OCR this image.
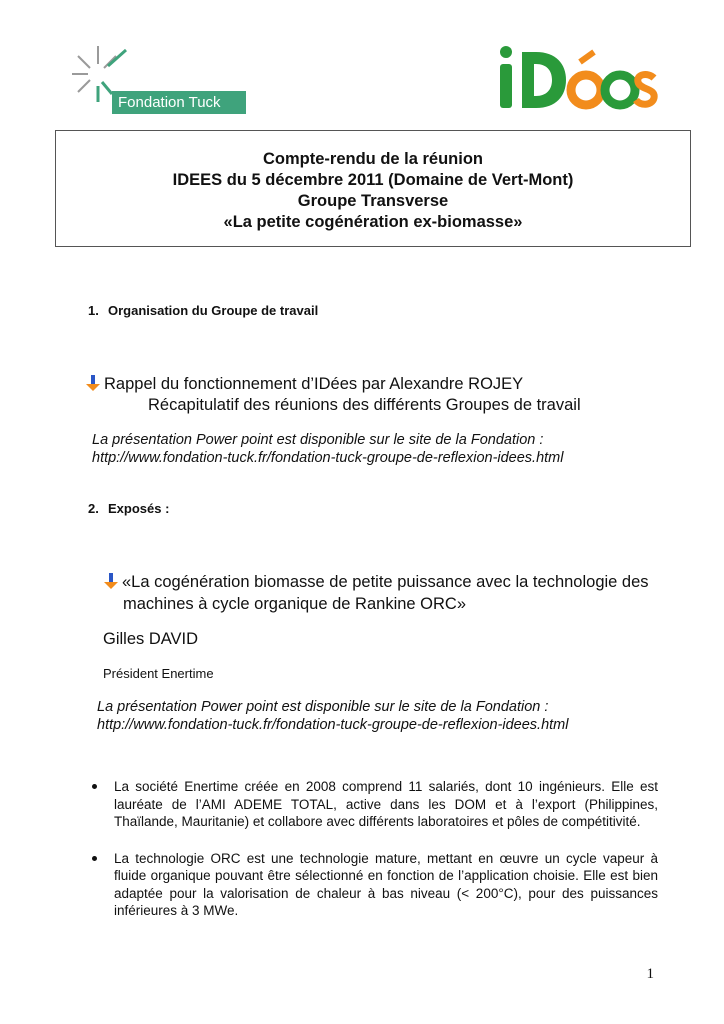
Fondation Tuck
Compte-rendu de la réunion
IDEES du 5 décembre 2011 (Domaine de Vert-Mont)
Groupe Transverse
«La petite cogénération ex-biomasse»
1. Organisation du Groupe de travail
Rappel du fonctionnement d’IDées par Alexandre ROJEY
Récapitulatif des réunions des différents Groupes de travail
La présentation Power point est disponible sur le site de la Fondation :
http://www.fondation-tuck.fr/fondation-tuck-groupe-de-reflexion-idees.html
2. Exposés :
«La cogénération biomasse de petite puissance avec la technologie des
machines à cycle organique de Rankine ORC»
Gilles DAVID
Président Enertime
La présentation Power point est disponible sur le site de la Fondation :
http://www.fondation-tuck.fr/fondation-tuck-groupe-de-reflexion-idees.html
La société Enertime créée en 2008 comprend 11 salariés, dont 10 ingénieurs. Elle est lauréate de l’AMI ADEME TOTAL, active dans les DOM et à l’export (Philippines, Thaïlande, Mauritanie) et collabore avec différents laboratoires et pôles de compétitivité.
La technologie ORC est une technologie mature, mettant en œuvre un cycle vapeur à fluide organique pouvant être sélectionné en fonction de l’application choisie. Elle est bien adaptée pour la valorisation de chaleur à bas niveau (< 200°C), pour des puissances inférieures à 3 MWe.
1
